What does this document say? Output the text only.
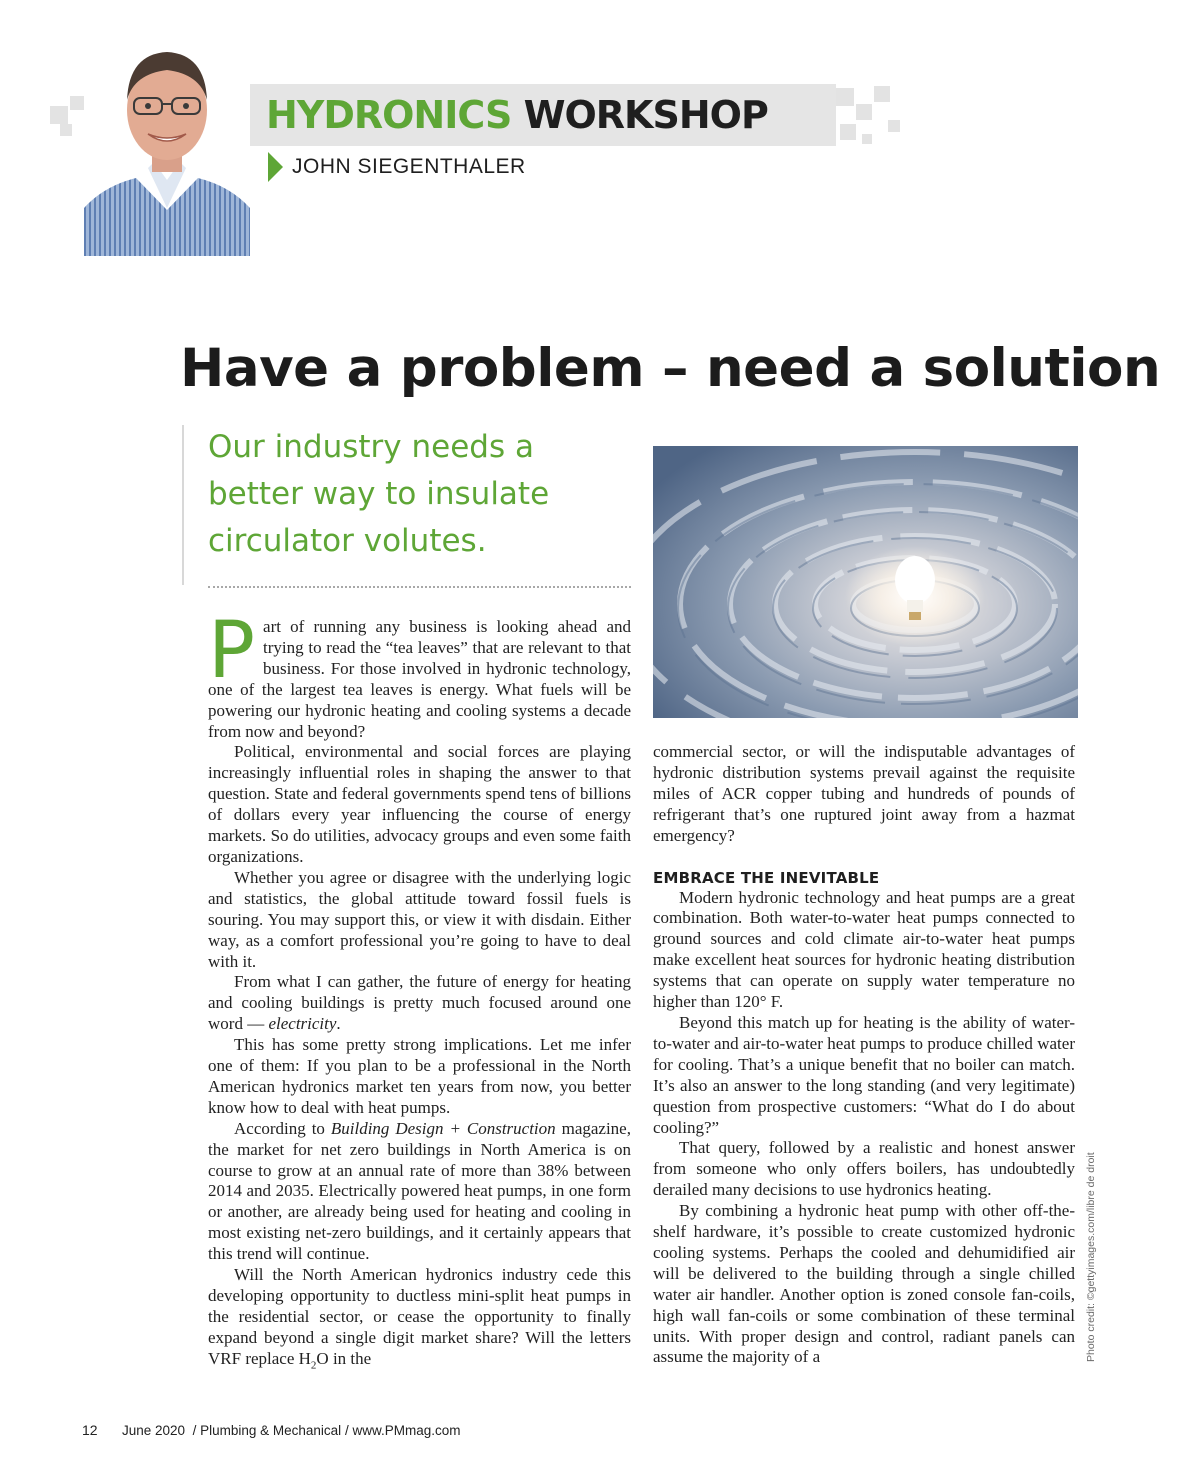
HYDRONICS WORKSHOP
JOHN SIEGENTHALER
Have a problem – need a solution
Our industry needs a better way to insulate circulator volutes.

Part of running any business is looking ahead and trying to read the “tea leaves” that are relevant to that business. For those involved in hydronic technology, one of the largest tea leaves is energy. What fuels will be powering our hydronic heating and cooling systems a decade from now and beyond?

Political, environmental and social forces are playing increasingly influential roles in shaping the answer to that question. State and federal governments spend tens of billions of dollars every year influencing the course of energy markets. So do utilities, advocacy groups and even some faith organizations.

Whether you agree or disagree with the underlying logic and statistics, the global attitude toward fossil fuels is souring. You may support this, or view it with disdain. Either way, as a comfort professional you’re going to have to deal with it.

From what I can gather, the future of energy for heating and cooling buildings is pretty much focused around one word — electricity.

This has some pretty strong implications. Let me infer one of them: If you plan to be a professional in the North American hydronics market ten years from now, you better know how to deal with heat pumps.

According to Building Design + Construction magazine, the market for net zero buildings in North America is on course to grow at an annual rate of more than 38% between 2014 and 2035. Electrically powered heat pumps, in one form or another, are already being used for heating and cooling in most existing net-zero buildings, and it certainly appears that this trend will continue.

Will the North American hydronics industry cede this developing opportunity to ductless mini-split heat pumps in the residential sector, or cease the opportunity to finally expand beyond a single digit market share? Will the letters VRF replace $H_2O$ in the

commercial sector, or will the indisputable advantages of hydronic distribution systems prevail against the requisite miles of ACR copper tubing and hundreds of pounds of refrigerant that’s one ruptured joint away from a hazmat emergency?

EMBRACE THE INEVITABLE

Modern hydronic technology and heat pumps are a great combination. Both water-to-water heat pumps connected to ground sources and cold climate air-to-water heat pumps make excellent heat sources for hydronic heating distribution systems that can operate on supply water temperature no higher than 120° F.

Beyond this match up for heating is the ability of water-to-water and air-to-water heat pumps to produce chilled water for cooling. That’s a unique benefit that no boiler can match. It’s also an answer to the long standing (and very legitimate) question from prospective customers: “What do I do about cooling?”

That query, followed by a realistic and honest answer from someone who only offers boilers, has undoubtedly derailed many decisions to use hydronics heating.

By combining a hydronic heat pump with other off-the-shelf hardware, it’s possible to create customized hydronic cooling systems. Perhaps the cooled and dehumidified air will be delivered to the building through a single chilled water air handler. Another option is zoned console fan-coils, high wall fan-coils or some combination of these terminal units. With proper design and control, radiant panels can assume the majority of a	Photo credit: ©gettyimages.com/libre de droit
12 June 2020 / Plumbing & Mechanical / www.PMmag.com
